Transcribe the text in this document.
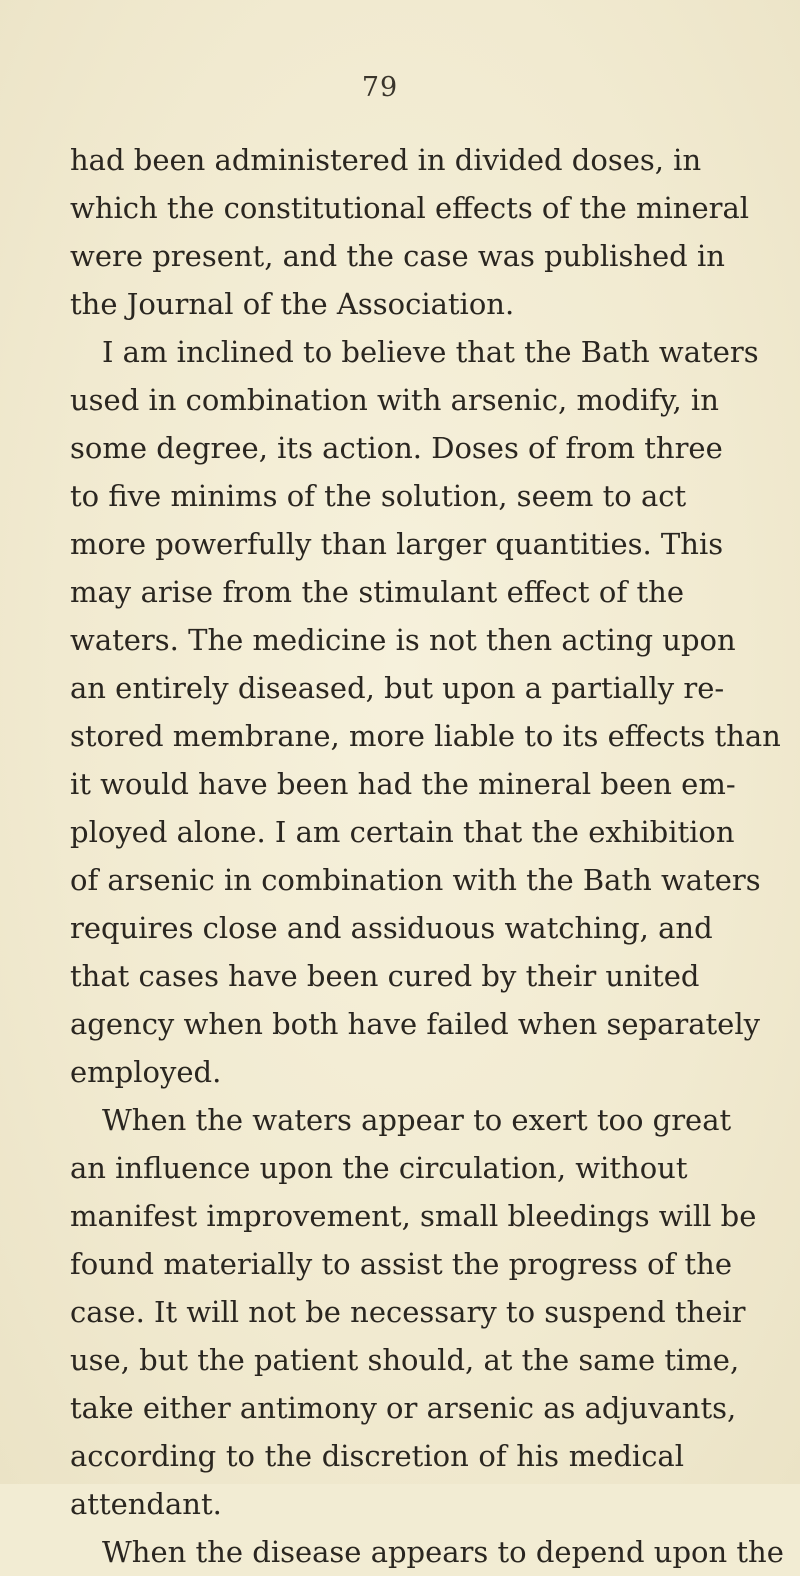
79
had been administered in divided doses, in
which the constitutional effects of the mineral
were present, and the case was published in
the Journal of the Association.
I am inclined to believe that the Bath waters
used in combination with arsenic, modify, in
some degree, its action. Doses of from three
to five minims of the solution, seem to act
more powerfully than larger quantities. This
may arise from the stimulant effect of the
waters. The medicine is not then acting upon
an entirely diseased, but upon a partially re-
stored membrane, more liable to its effects than
it would have been had the mineral been em-
ployed alone. I am certain that the exhibition
of arsenic in combination with the Bath waters
requires close and assiduous watching, and
that cases have been cured by their united
agency when both have failed when separately
employed.
When the waters appear to exert too great
an influence upon the circulation, without
manifest improvement, small bleedings will be
found materially to assist the progress of the
case. It will not be necessary to suspend their
use, but the patient should, at the same time,
take either antimony or arsenic as adjuvants,
according to the discretion of his medical
attendant.
When the disease appears to depend upon the
